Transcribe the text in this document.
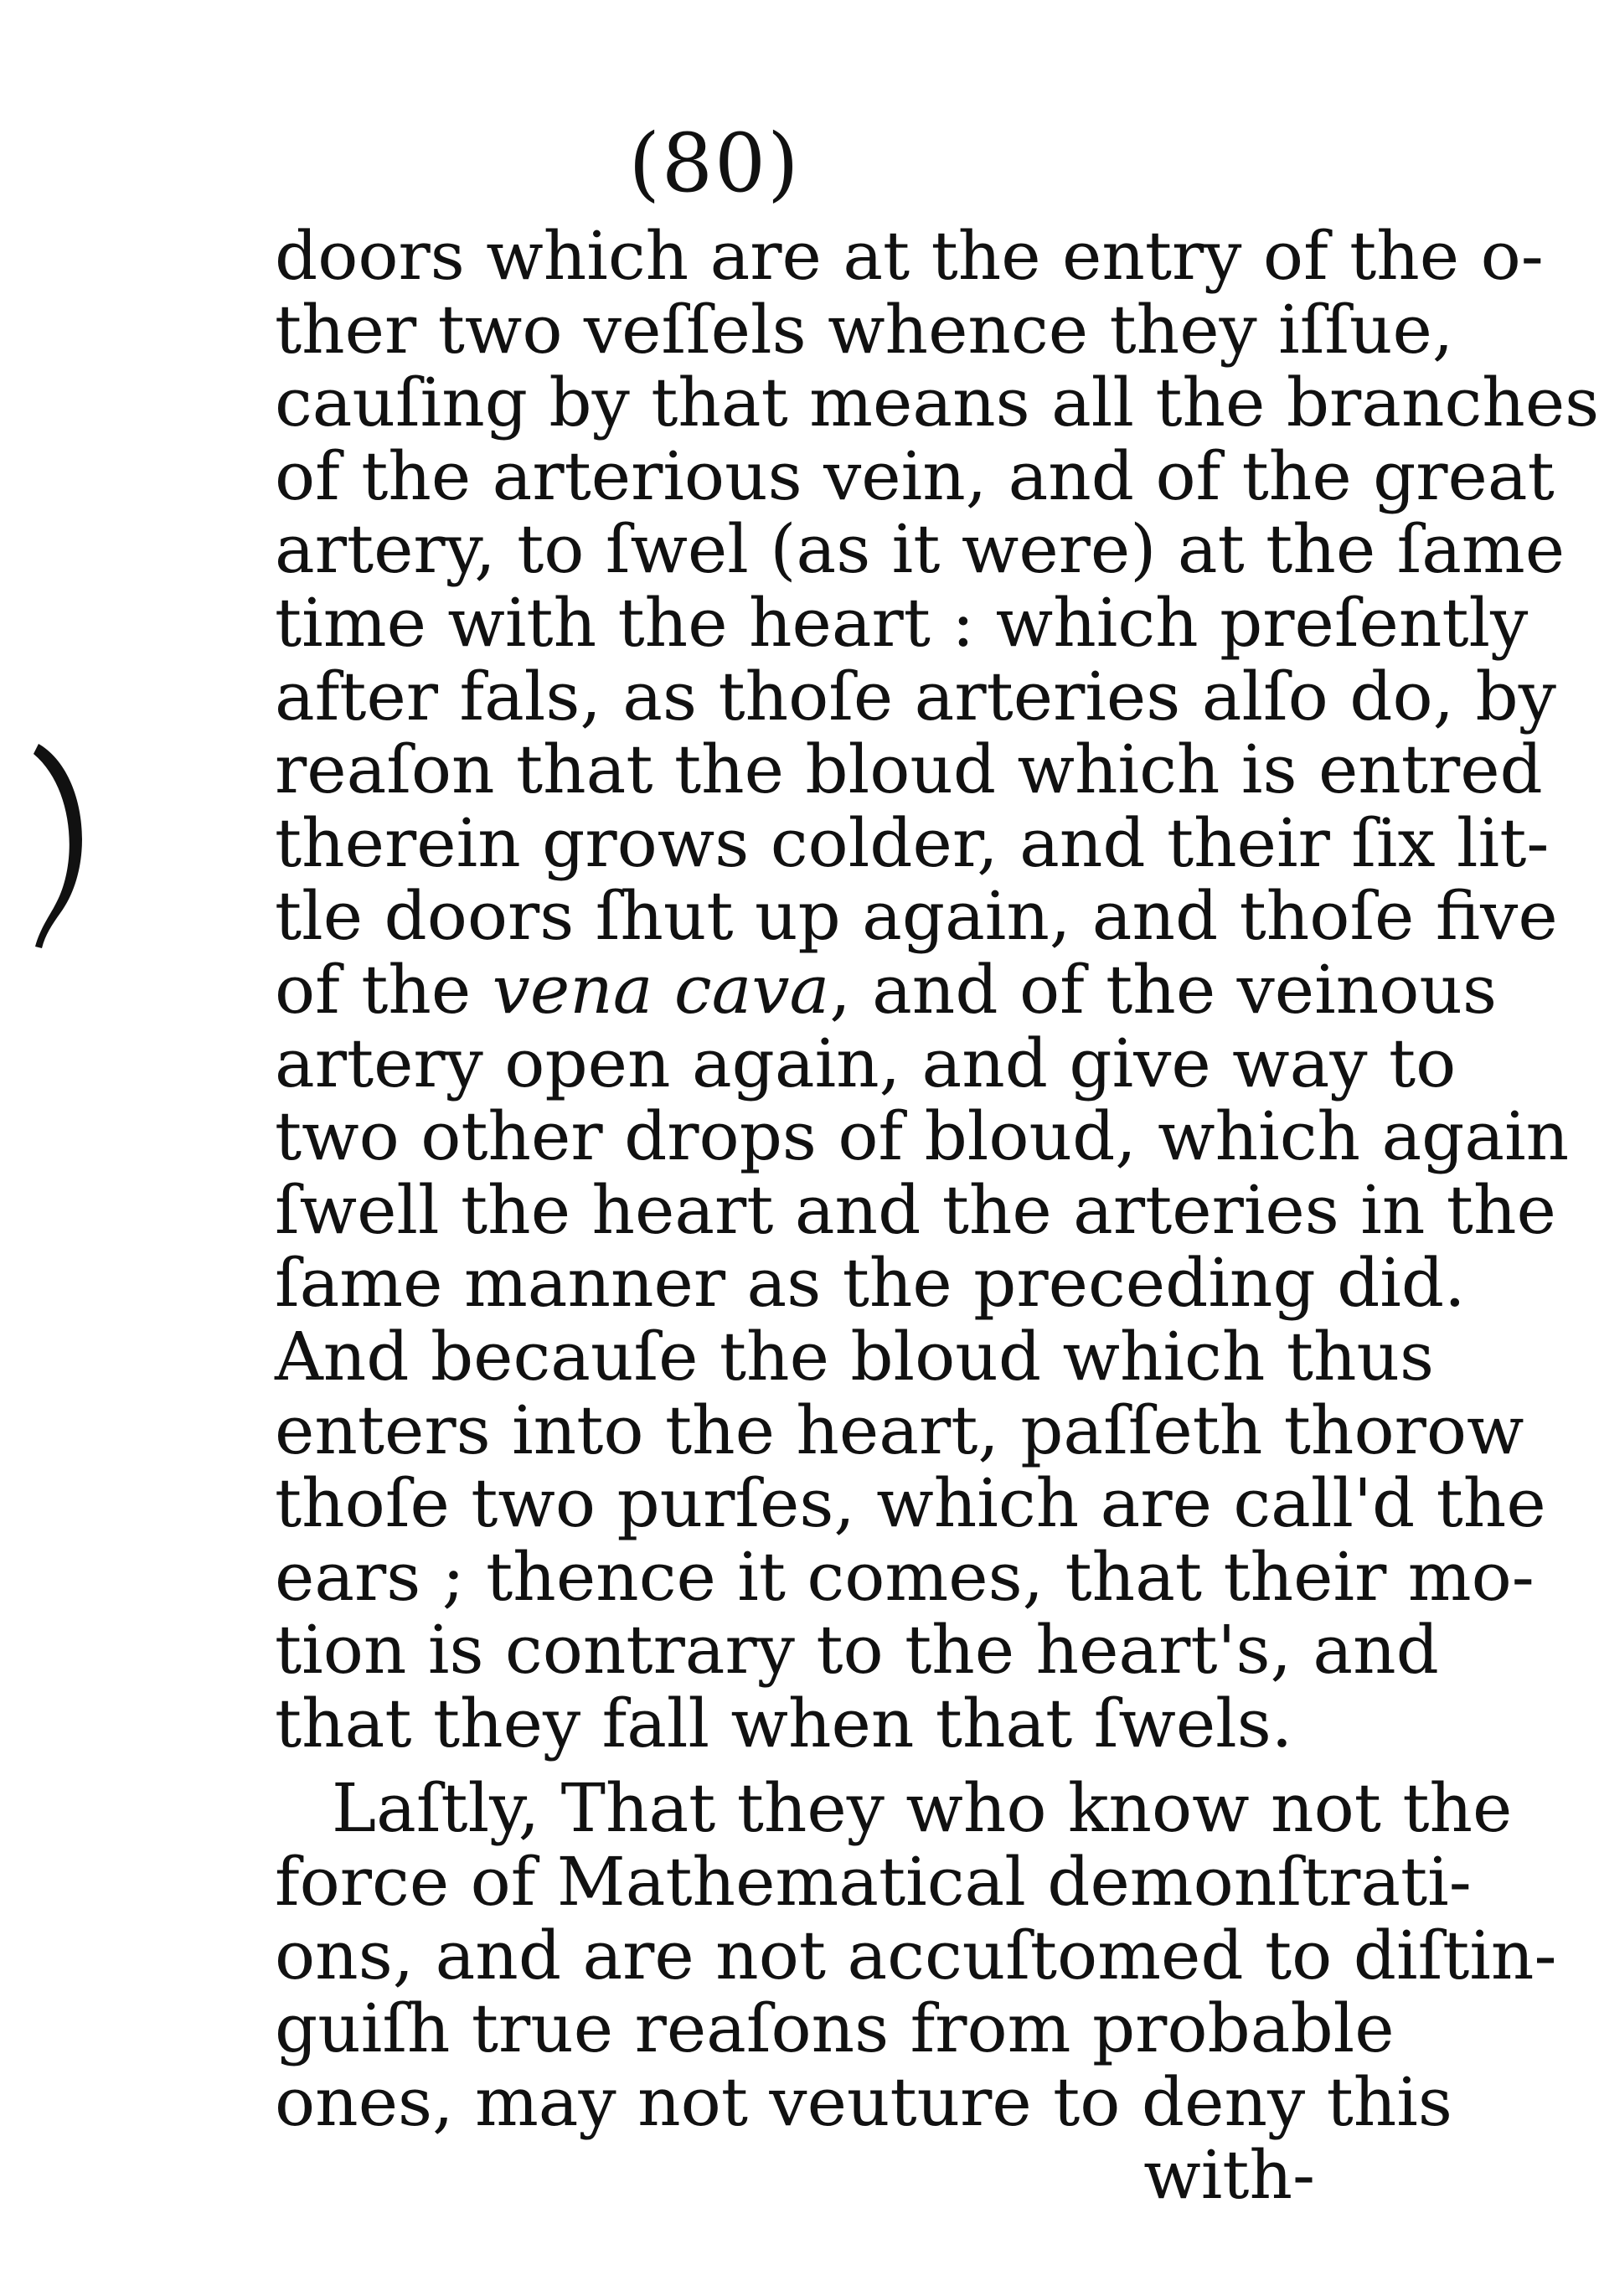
(80)
doors which are at the entry of the o-
ther two veſſels whence they iſſue,
cauſing by that means all the branches
of the arterious vein, and of the great
artery, to ſwel (as it were) at the ſame
time with the heart : which preſently
after fals, as thoſe arteries alſo do, by
reaſon that the bloud which is entred
therein grows colder, and their ſix lit-
tle doors ſhut up again, and thoſe five
of the vena cava, and of the veinous
artery open again, and give way to
two other drops of bloud, which again
ſwell the heart and the arteries in the
ſame manner as the preceding did.
And becauſe the bloud which thus
enters into the heart, paſſeth thorow
thoſe two purſes, which are call'd the
ears ; thence it comes, that their mo-
tion is contrary to the heart's, and
that they fall when that ſwels.
Laſtly, That they who know not the
force of Mathematical demonſtrati-
ons, and are not accuſtomed to diſtin-
guiſh true reaſons from probable
ones, may not veuture to deny this
with-
